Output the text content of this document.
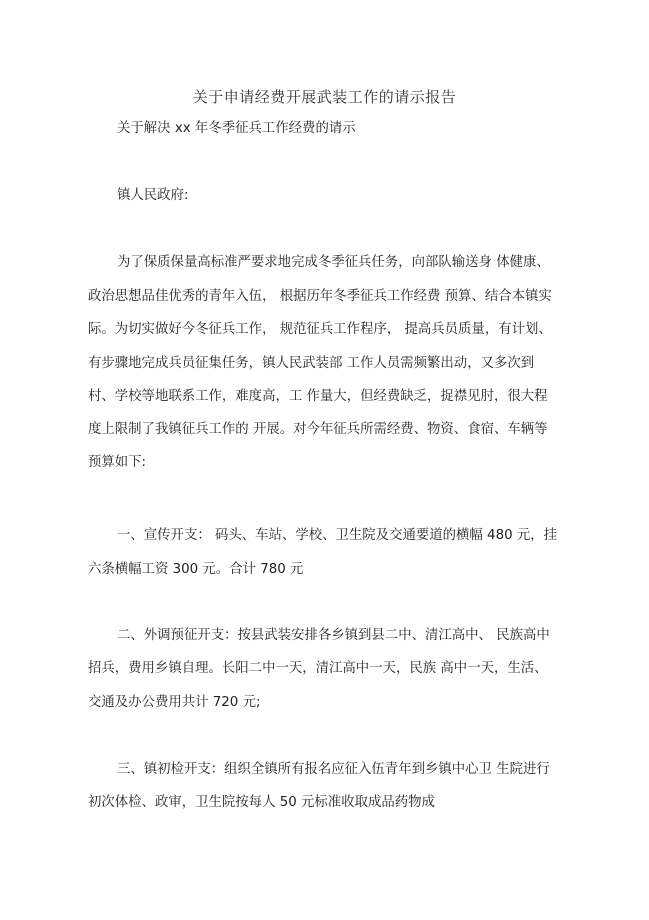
关于申请经费开展武装工作的请示报告
关于解决 xx 年冬季征兵工作经费的请示
镇人民政府:
为了保质保量高标准严要求地完成冬季征兵任务，向部队输送身 体健康、
政治思想品佳优秀的青年入伍， 根据历年冬季征兵工作经费 预算、结合本镇实
际。为切实做好今冬征兵工作， 规范征兵工作程序， 提高兵员质量，有计划、
有步骤地完成兵员征集任务，镇人民武装部 工作人员需频繁出动，又多次到
村、学校等地联系工作，难度高，工 作量大，但经费缺乏，捉襟见肘，很大程
度上限制了我镇征兵工作的 开展。对今年征兵所需经费、物资、食宿、车辆等
预算如下:
一、宣传开支： 码头、车站、学校、卫生院及交通要道的横幅 480 元，挂
六条横幅工资 300 元。合计 780 元
二、外调预征开支：按县武装安排各乡镇到县二中、清江高中、 民族高中
招兵，费用乡镇自理。长阳二中一天，清江高中一天，民族 高中一天，生活、
交通及办公费用共计 720 元;
三、镇初检开支：组织全镇所有报名应征入伍青年到乡镇中心卫 生院进行
初次体检、政审，卫生院按每人 50 元标准收取成品药物成
